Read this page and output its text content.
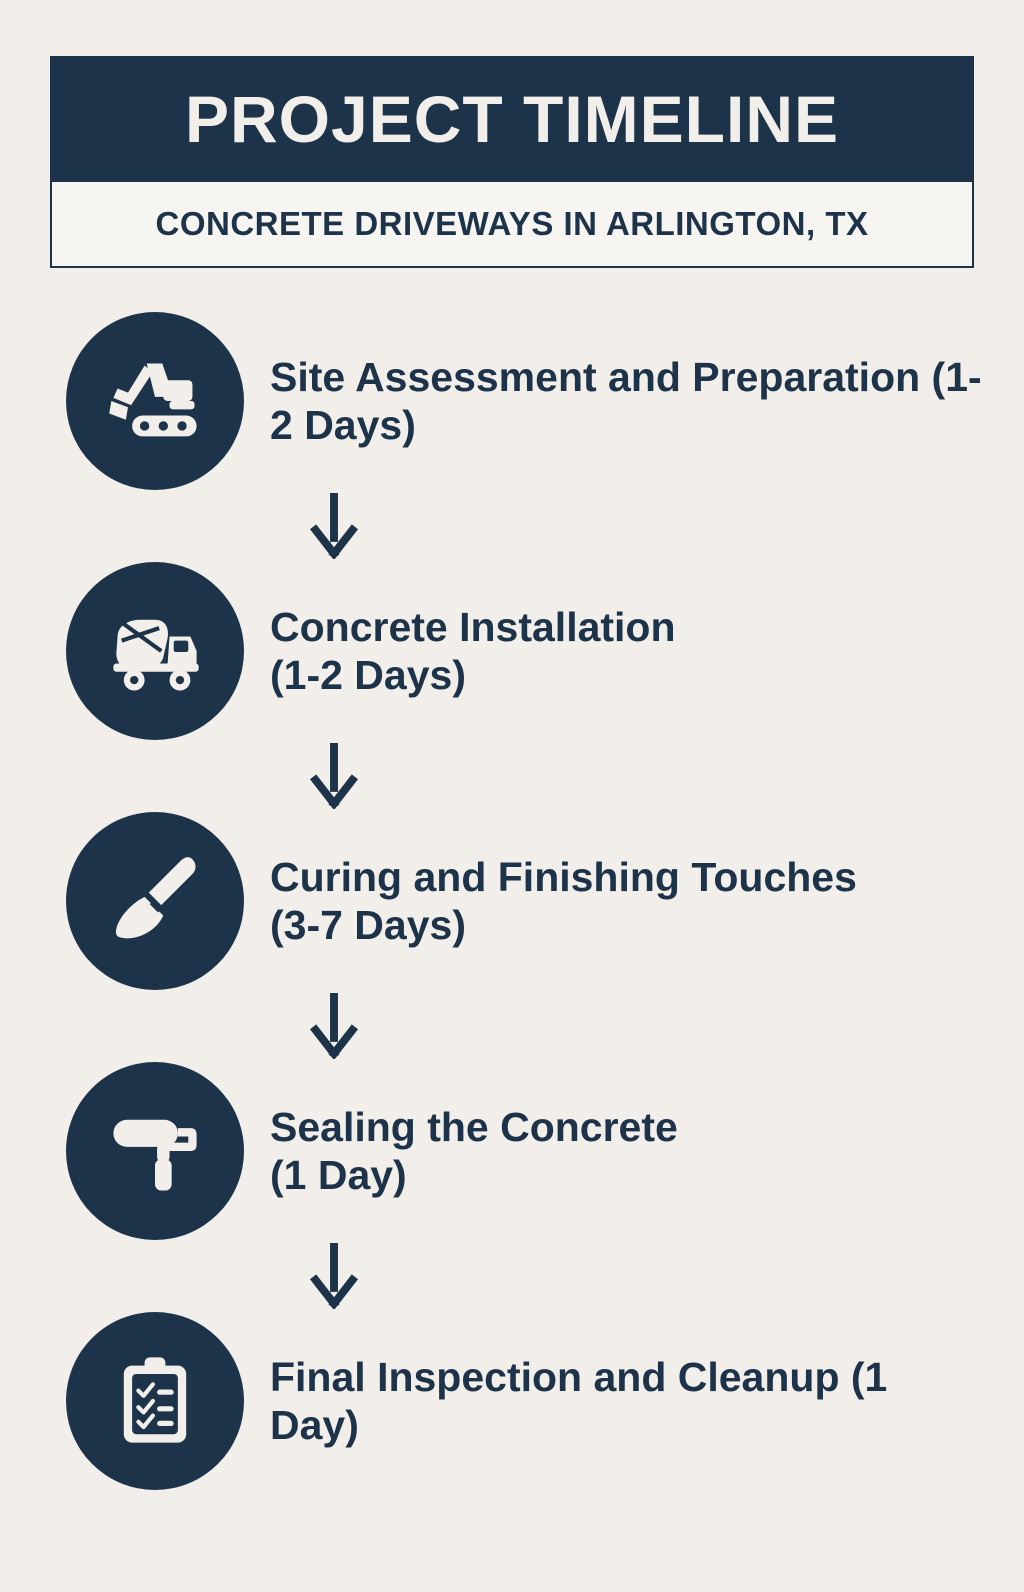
PROJECT TIMELINE
CONCRETE DRIVEWAYS IN ARLINGTON, TX
Site Assessment and Preparation (1-2 Days)
Concrete Installation
(1-2 Days)
Curing and Finishing Touches
(3-7 Days)
Sealing the Concrete
(1 Day)
Final Inspection and Cleanup (1 Day)
